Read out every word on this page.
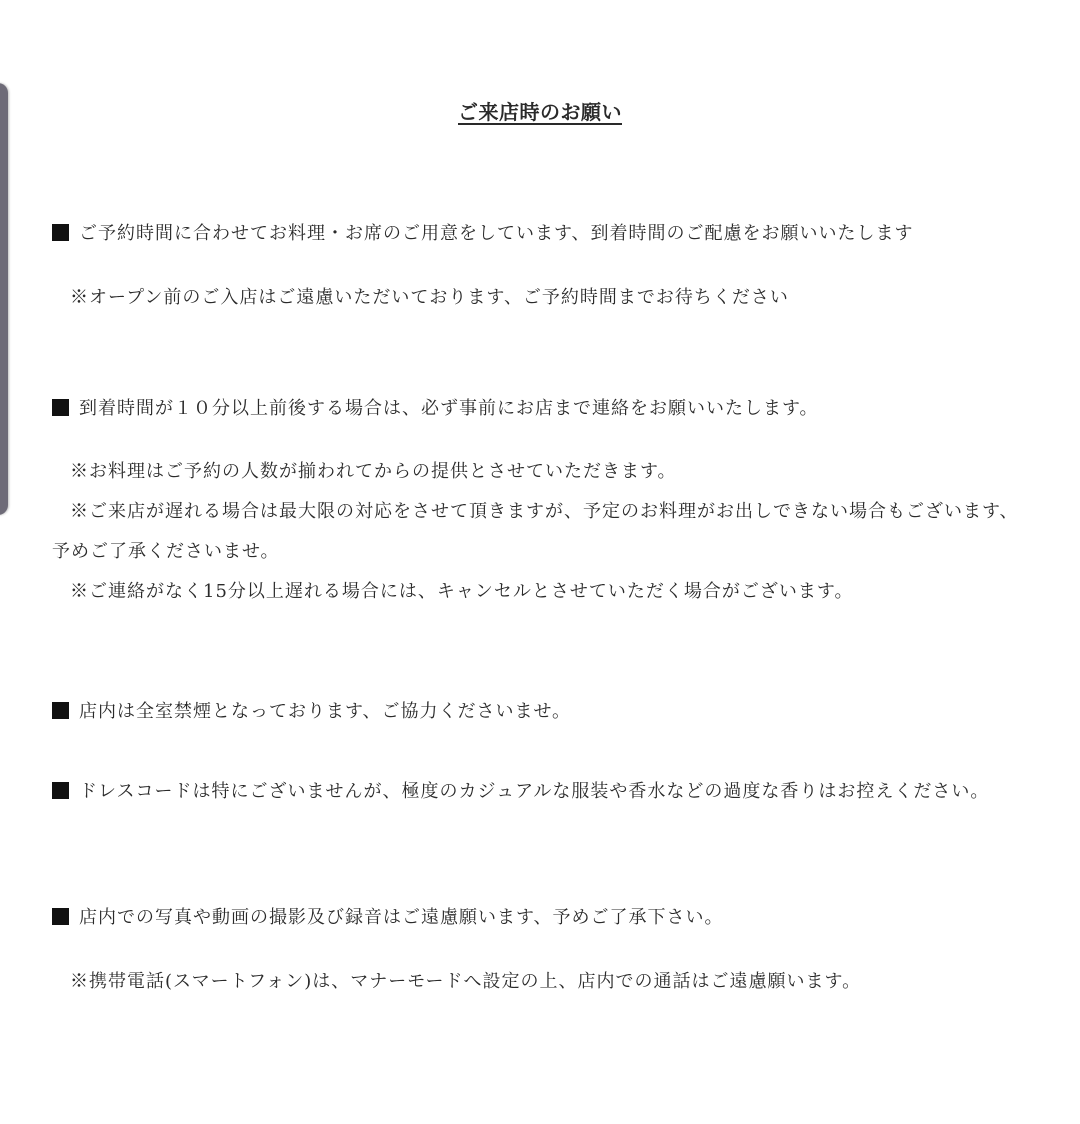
ご来店時のお願い
ご予約時間に合わせてお料理・お席のご用意をしています、到着時間のご配慮をお願いいたします
※オープン前のご入店はご遠慮いただいております、ご予約時間までお待ちください
到着時間が１０分以上前後する場合は、必ず事前にお店まで連絡をお願いいたします。
※お料理はご予約の人数が揃われてからの提供とさせていただきます。
※ご来店が遅れる場合は最大限の対応をさせて頂きますが、予定のお料理がお出しできない場合もございます、予めご了承くださいませ。
※ご連絡がなく15分以上遅れる場合には、キャンセルとさせていただく場合がございます。
店内は全室禁煙となっております、ご協力くださいませ。
ドレスコードは特にございませんが、極度のカジュアルな服装や香水などの過度な香りはお控えください。
店内での写真や動画の撮影及び録音はご遠慮願います、予めご了承下さい。
※携帯電話(スマートフォン)は、マナーモードへ設定の上、店内での通話はご遠慮願います。
